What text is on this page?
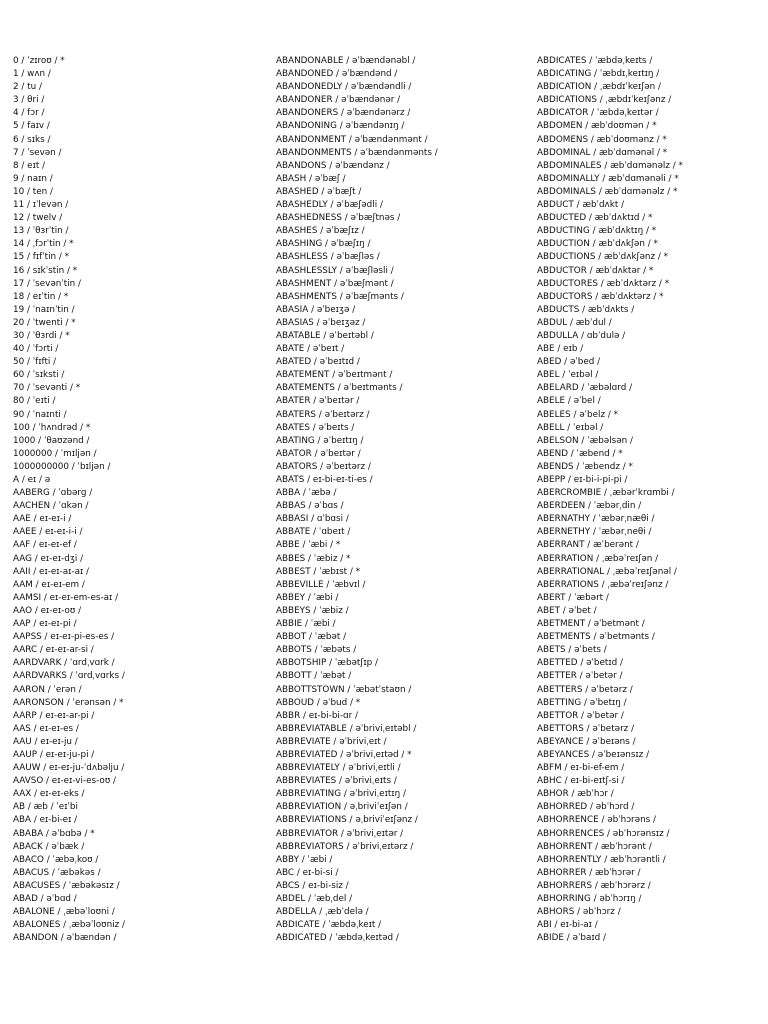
0 / ˈzɪroʊ / *
1 / wʌn /
2 / tu /
3 / θri /
4 / fɔr /
5 / faɪv /
6 / sɪks /
7 / ˈsevən /
8 / eɪt /
9 / naɪn /
10 / ten /
11 / ɪˈlevən /
12 / twelv /
13 / ˈθɜrˈtin /
14 / ˌfɔrˈtin / *
15 / fɪfˈtin / *
16 / sɪkˈstin / *
17 / ˈsevənˈtin /
18 / eɪˈtin / *
19 / ˈnaɪnˈtin /
20 / ˈtwenti / *
30 / ˈθɜrdi / *
40 / ˈfɔrti /
50 / ˈfɪfti /
60 / ˈsɪksti /
70 / ˈsevənti / *
80 / ˈeɪti /
90 / ˈnaɪnti /
100 / ˈhʌndrəd / *
1000 / ˈθaʊzənd /
1000000 / ˈmɪljən /
1000000000 / ˈbɪljən /
A / eɪ / ə
AABERG / ˈɑbərg /
AACHEN / ˈɑkən /
AAE / eɪ-eɪ-i /
AAEE / eɪ-eɪ-i-i /
AAF / eɪ-eɪ-ef /
AAG / eɪ-eɪ-dʒi /
AAII / eɪ-eɪ-aɪ-aɪ /
AAM / eɪ-eɪ-em /
AAMSI / eɪ-eɪ-em-es-aɪ /
AAO / eɪ-eɪ-oʊ /
AAP / eɪ-eɪ-pi /
AAPSS / eɪ-eɪ-pi-es-es /
AARC / eɪ-eɪ-ar-si /
AARDVARK / ˈɑrdˌvɑrk /
AARDVARKS / ˈɑrdˌvɑrks /
AARON / ˈerən /
AARONSON / ˈerənsən / *
AARP / eɪ-eɪ-ar-pi /
AAS / eɪ-eɪ-es /
AAU / eɪ-eɪ-ju /
AAUP / eɪ-eɪ-ju-pi /
AAUW / eɪ-eɪ-ju-ˈdʌbəlju /
AAVSO / eɪ-eɪ-vi-es-oʊ /
AAX / eɪ-eɪ-eks /
AB / æb / ˈeɪˈbi
ABA / eɪ-bi-eɪ /
ABABA / əˈbɑbə / *
ABACK / əˈbæk /
ABACO / ˈæbəˌkoʊ /
ABACUS / ˈæbəkəs /
ABACUSES / ˈæbəkəsɪz /
ABAD / əˈbɑd /
ABALONE / ˌæbəˈloʊni /
ABALONES / ˌæbəˈloʊniz /
ABANDON / əˈbændən /
ABANDONABLE / əˈbændənəbl /
ABANDONED / əˈbændənd /
ABANDONEDLY / əˈbændəndli /
ABANDONER / əˈbændənər /
ABANDONERS / əˈbændənərz /
ABANDONING / əˈbændənɪŋ /
ABANDONMENT / əˈbændənmənt /
ABANDONMENTS / əˈbændənmənts /
ABANDONS / əˈbændənz /
ABASH / əˈbæʃ /
ABASHED / əˈbæʃt /
ABASHEDLY / əˈbæʃədli /
ABASHEDNESS / əˈbæʃtnəs /
ABASHES / əˈbæʃɪz /
ABASHING / əˈbæʃɪŋ /
ABASHLESS / əˈbæʃləs /
ABASHLESSLY / əˈbæʃləsli /
ABASHMENT / əˈbæʃmənt /
ABASHMENTS / əˈbæʃmənts /
ABASIA / əˈbeɪʒə /
ABASIAS / əˈbeɪʒəz /
ABATABLE / əˈbeɪtəbl /
ABATE / əˈbeɪt /
ABATED / əˈbeɪtɪd /
ABATEMENT / əˈbeɪtmənt /
ABATEMENTS / əˈbeɪtmənts /
ABATER / əˈbeɪtər /
ABATERS / əˈbeɪtərz /
ABATES / əˈbeɪts /
ABATING / əˈbeɪtɪŋ /
ABATOR / əˈbeɪtər /
ABATORS / əˈbeɪtərz /
ABATS / eɪ-bi-eɪ-ti-es /
ABBA / ˈæbə /
ABBAS / əˈbɑs /
ABBASI / ɑˈbɑsi /
ABBATE / ˈɑbeɪt /
ABBE / ˈæbi / *
ABBES / ˈæbiz / *
ABBEST / ˈæbɪst / *
ABBEVILLE / ˈæbvɪl /
ABBEY / ˈæbi /
ABBEYS / ˈæbiz /
ABBIE / ˈæbi /
ABBOT / ˈæbət /
ABBOTS / ˈæbəts /
ABBOTSHIP / ˈæbətʃɪp /
ABBOTT / ˈæbət /
ABBOTTSTOWN / ˈæbətˈstaʊn /
ABBOUD / əˈbud / *
ABBR / eɪ-bi-bi-ɑr /
ABBREVIATABLE / əˈbriviˌeɪtəbl /
ABBREVIATE / əˈbriviˌeɪt /
ABBREVIATED / əˈbriviˌeɪtəd / *
ABBREVIATELY / əˈbriviˌeɪtli /
ABBREVIATES / əˈbriviˌeɪts /
ABBREVIATING / əˈbriviˌeɪtɪŋ /
ABBREVIATION / əˌbriviˈeɪʃən /
ABBREVIATIONS / əˌbriviˈeɪʃənz /
ABBREVIATOR / əˈbriviˌeɪtər /
ABBREVIATORS / əˈbriviˌeɪtərz /
ABBY / ˈæbi /
ABC / eɪ-bi-si /
ABCS / eɪ-bi-siz /
ABDEL / ˈæbˌdel /
ABDELLA / ˌæbˈdelə /
ABDICATE / ˈæbdəˌkeɪt /
ABDICATED / ˈæbdəˌkeɪtəd /
ABDICATES / ˈæbdəˌkeɪts /
ABDICATING / ˈæbdɪˌkeɪtɪŋ /
ABDICATION / ˌæbdɪˈkeɪʃən /
ABDICATIONS / ˌæbdɪˈkeɪʃənz /
ABDICATOR / ˈæbdəˌkeɪtər /
ABDOMEN / æbˈdoʊmən / *
ABDOMENS / æbˈdoʊmənz / *
ABDOMINAL / æbˈdɑmənəl / *
ABDOMINALES / æbˈdɑmənəlz / *
ABDOMINALLY / æbˈdɑmənəli / *
ABDOMINALS / æbˈdɑmənəlz / *
ABDUCT / æbˈdʌkt /
ABDUCTED / æbˈdʌktɪd / *
ABDUCTING / æbˈdʌktɪŋ / *
ABDUCTION / æbˈdʌkʃən / *
ABDUCTIONS / æbˈdʌkʃənz / *
ABDUCTOR / æbˈdʌktər / *
ABDUCTORES / æbˈdʌktərz / *
ABDUCTORS / æbˈdʌktərz / *
ABDUCTS / æbˈdʌkts /
ABDUL / æbˈdul /
ABDULLA / ɑbˈdulə /
ABE / eɪb /
ABED / əˈbed /
ABEL / ˈeɪbəl /
ABELARD / ˈæbəlɑrd /
ABELE / əˈbel /
ABELES / əˈbelz / *
ABELL / ˈeɪbəl /
ABELSON / ˈæbəlsən /
ABEND / ˈæbend / *
ABENDS / ˈæbendz / *
ABEPP / eɪ-bi-i-pi-pi /
ABERCROMBIE / ˌæbərˈkrɑmbi /
ABERDEEN / ˈæbərˌdin /
ABERNATHY / ˈæbərˌnæθi /
ABERNETHY / ˈæbərˌneθi /
ABERRANT / æˈberənt /
ABERRATION / ˌæbəˈreɪʃən /
ABERRATIONAL / ˌæbəˈreɪʃənəl /
ABERRATIONS / ˌæbəˈreɪʃənz /
ABERT / ˈæbərt /
ABET / əˈbet /
ABETMENT / əˈbetmənt /
ABETMENTS / əˈbetmənts /
ABETS / əˈbets /
ABETTED / əˈbetɪd /
ABETTER / əˈbetər /
ABETTERS / əˈbetərz /
ABETTING / əˈbetɪŋ /
ABETTOR / əˈbetər /
ABETTORS / əˈbetərz /
ABEYANCE / əˈbeɪəns /
ABEYANCES / əˈbeɪənsɪz /
ABFM / eɪ-bi-ef-em /
ABHC / eɪ-bi-eɪtʃ-si /
ABHOR / æbˈhɔr /
ABHORRED / əbˈhɔrd /
ABHORRENCE / əbˈhɔrəns /
ABHORRENCES / əbˈhɔrənsɪz /
ABHORRENT / æbˈhɔrənt /
ABHORRENTLY / æbˈhɔrəntli /
ABHORRER / æbˈhɔrər /
ABHORRERS / æbˈhɔrərz /
ABHORRING / əbˈhɔrɪŋ /
ABHORS / əbˈhɔrz /
ABI / eɪ-bi-aɪ /
ABIDE / əˈbaɪd /
